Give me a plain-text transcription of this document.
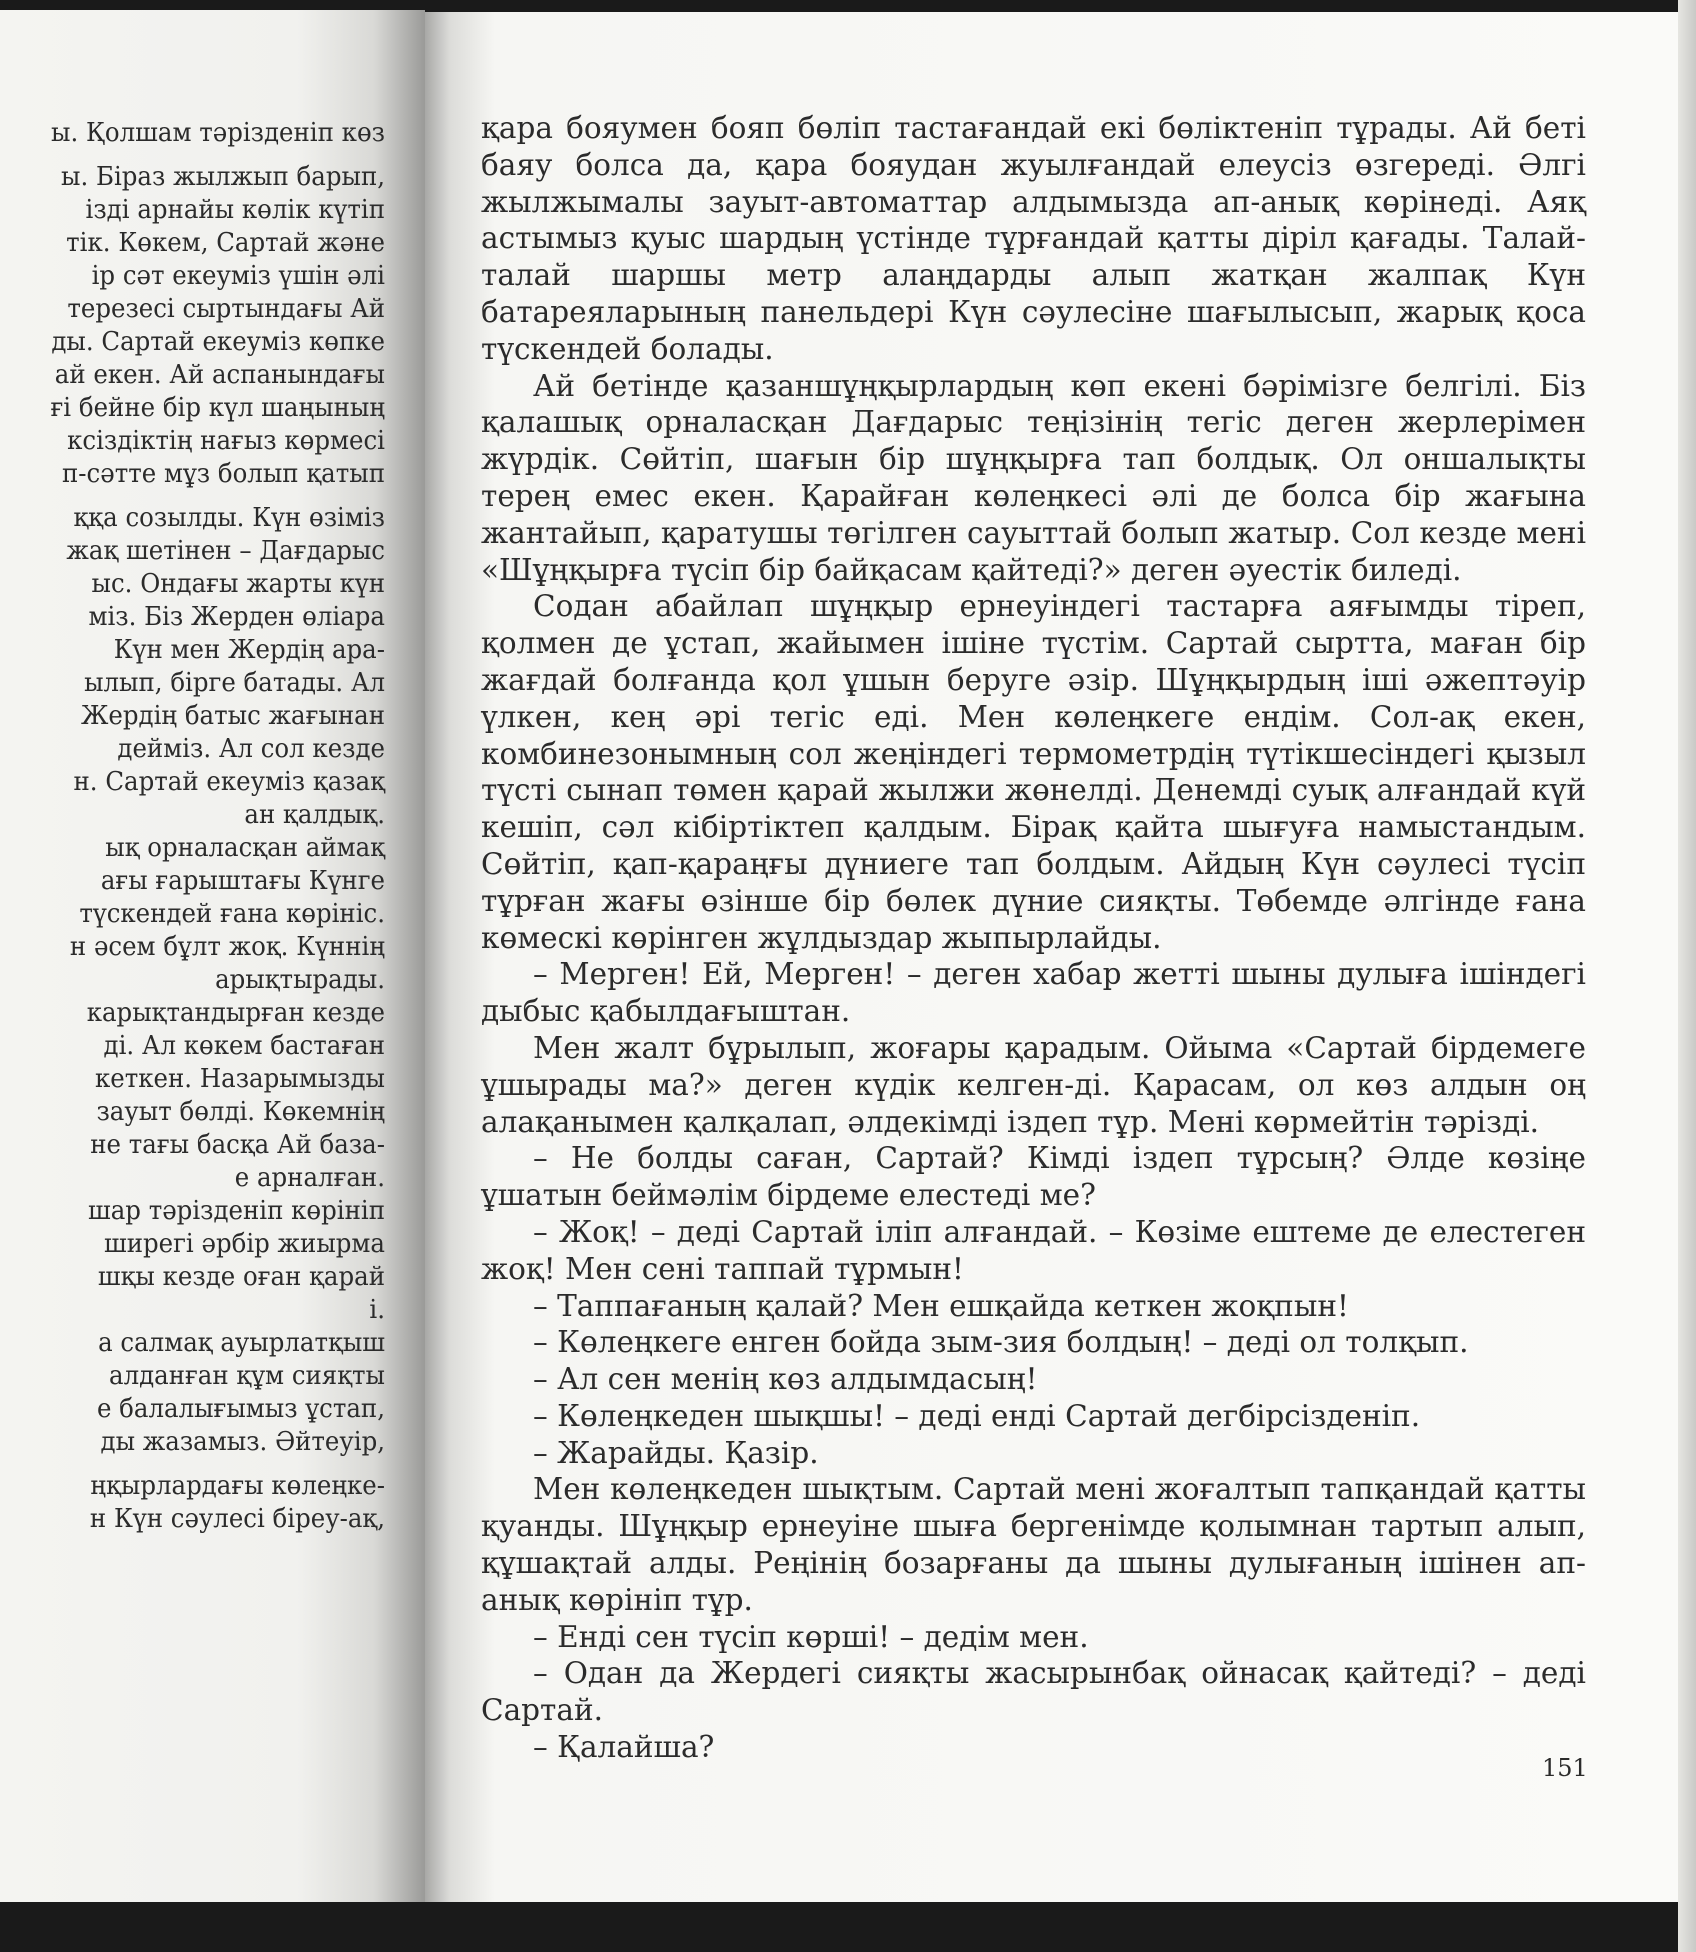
ы. Қолшам тәрізденіп көз
ы. Біраз жылжып барып,
ізді арнайы көлік күтіп
тік. Көкем, Сартай және
ір сәт екеуміз үшін әлі
терезесі сыртындағы Ай
ды. Сартай екеуміз көпке
ай екен. Ай аспанындағы
ғі бейне бір күл шаңының
ксіздіктің нағыз көрмесі
п-сәтте мұз болып қатып
ққа созылды. Күн өзіміз
жақ шетінен – Дағдарыс
ыс. Ондағы жарты күн
міз. Біз Жерден өліара
Күн мен Жердің ара-
ылып, бірге батады. Ал
Жердің батыс жағынан
дейміз. Ал сол кезде
н. Сартай екеуміз қазақ
ан қалдық.
ық орналасқан аймақ
ағы ғарыштағы Күнге
түскендей ғана көрініс.
н әсем бұлт жоқ. Күннің
арықтырады.
карықтандырған кезде
ді. Ал көкем бастаған
кеткен. Назарымызды
зауыт бөлді. Көкемнің
не тағы басқа Ай база-
е арналған.
шар тәрізденіп көрініп
ширегі әрбір жиырма
шқы кезде оған қарай
і.
а салмақ ауырлатқыш
алданған құм сияқты
е балалығымыз ұстап,
ды жазамыз. Әйтеуір,
ңқырлардағы көлеңке-
н Күн сәулесі біреу-ақ,

қара бояумен бояп бөліп тастағандай екі бөліктеніп тұрады. Ай беті баяу болса да, қара бояудан жуылғандай елеусіз өзгереді. Әлгі жылжымалы зауыт-автоматтар алдымызда ап-анық көрінеді. Аяқ астымыз қуыс шардың үстінде тұрғандай қатты діріл қағады. Талай-талай шаршы метр алаңдарды алып жатқан жалпақ Күн батареяларының панельдері Күн сәулесіне шағылысып, жарық қоса түскендей болады.

Ай бетінде қазаншұңқырлардың көп екені бәрімізге белгілі. Біз қалашық орналасқан Дағдарыс теңізінің тегіс деген жерлерімен жүрдік. Сөйтіп, шағын бір шұңқырға тап болдық. Ол оншалықты терең емес екен. Қарайған көлеңкесі әлі де болса бір жағына жантайып, қаратушы төгілген сауыттай болып жатыр. Сол кезде мені «Шұңқырға түсіп бір байқасам қайтеді?» деген әуестік биледі.

Содан абайлап шұңқыр ернеуіндегі тастарға аяғымды тіреп, қолмен де ұстап, жайымен ішіне түстім. Сартай сыртта, маған бір жағдай болғанда қол ұшын беруге әзір. Шұңқырдың іші әжептәуір үлкен, кең әрі тегіс еді. Мен көлеңкеге ендім. Сол-ақ екен, комбинезонымның сол жеңіндегі термометрдің түтікшесіндегі қызыл түсті сынап төмен қарай жылжи жөнелді. Денемді суық алғандай күй кешіп, сәл кібіртіктеп қалдым. Бірақ қайта шығуға намыстандым. Сөйтіп, қап-қараңғы дүниеге тап болдым. Айдың Күн сәулесі түсіп тұрған жағы өзінше бір бөлек дүние сияқты. Төбемде әлгінде ғана көмескі көрінген жұлдыздар жыпырлайды.

– Мерген! Ей, Мерген! – деген хабар жетті шыны дулыға ішіндегі дыбыс қабылдағыштан.

Мен жалт бұрылып, жоғары қарадым. Ойыма «Сартай бірдемеге ұшырады ма?» деген күдік келген-ді. Қарасам, ол көз алдын оң алақанымен қалқалап, әлдекімді іздеп тұр. Мені көрмейтін тәрізді.

– Не болды саған, Сартай? Кімді іздеп тұрсың? Әлде көзіңе ұшатын беймәлім бірдеме елестеді ме?

– Жоқ! – деді Сартай іліп алғандай. – Көзіме ештеме де елестеген жоқ! Мен сені таппай тұрмын!

– Таппағаның қалай? Мен ешқайда кеткен жоқпын!

– Көлеңкеге енген бойда зым-зия болдың! – деді ол толқып.

– Ал сен менің көз алдымдасың!

– Көлеңкеден шықшы! – деді енді Сартай дегбірсізденіп.

– Жарайды. Қазір.

Мен көлеңкеден шықтым. Сартай мені жоғалтып тапқандай қатты қуанды. Шұңқыр ернеуіне шыға бергенімде қолымнан тартып алып, құшақтай алды. Реңінің бозарғаны да шыны дулығаның ішінен ап-анық көрініп тұр.

– Енді сен түсіп көрші! – дедім мен.

– Одан да Жердегі сияқты жасырынбақ ойнасақ қайтеді? – деді Сартай.

– Қалайша?

151
